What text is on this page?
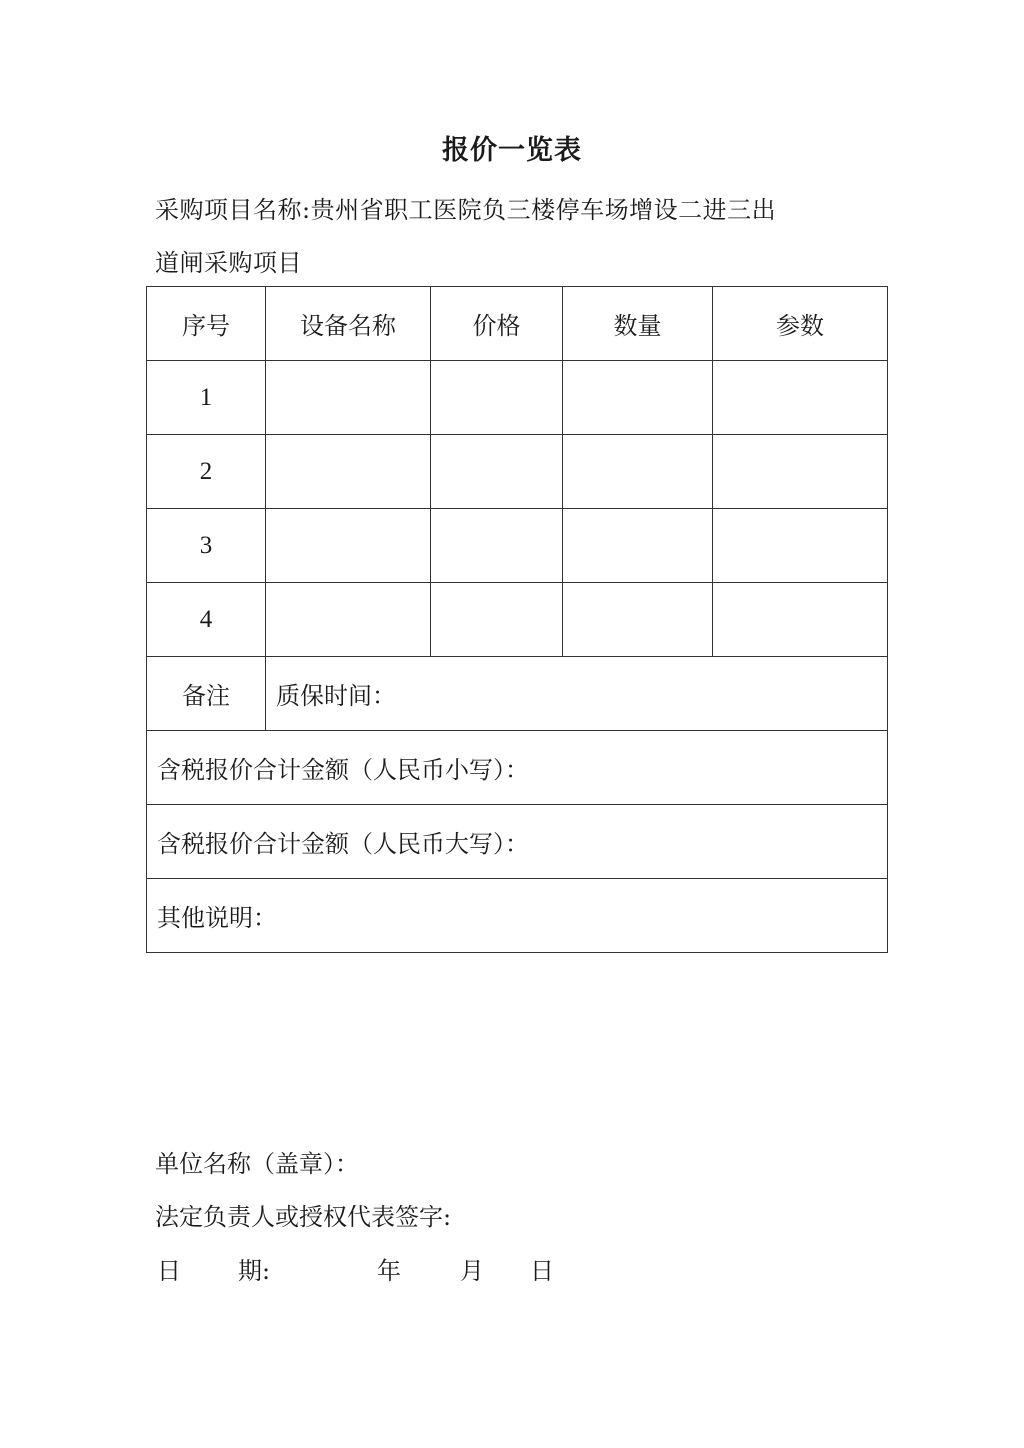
报价一览表
采购项目名称:贵州省职工医院负三楼停车场增设二进三出
道闸采购项目
序号	设备名称	价格	数量	参数
1				
2				
3				
4				
备注	质保时间：			
含税报价合计金额（人民币小写）：				
含税报价合计金额（人民币大写）：				
其他说明：				
单位名称（盖章）：
法定负责人或授权代表签字:
日 期:	年 月 日
